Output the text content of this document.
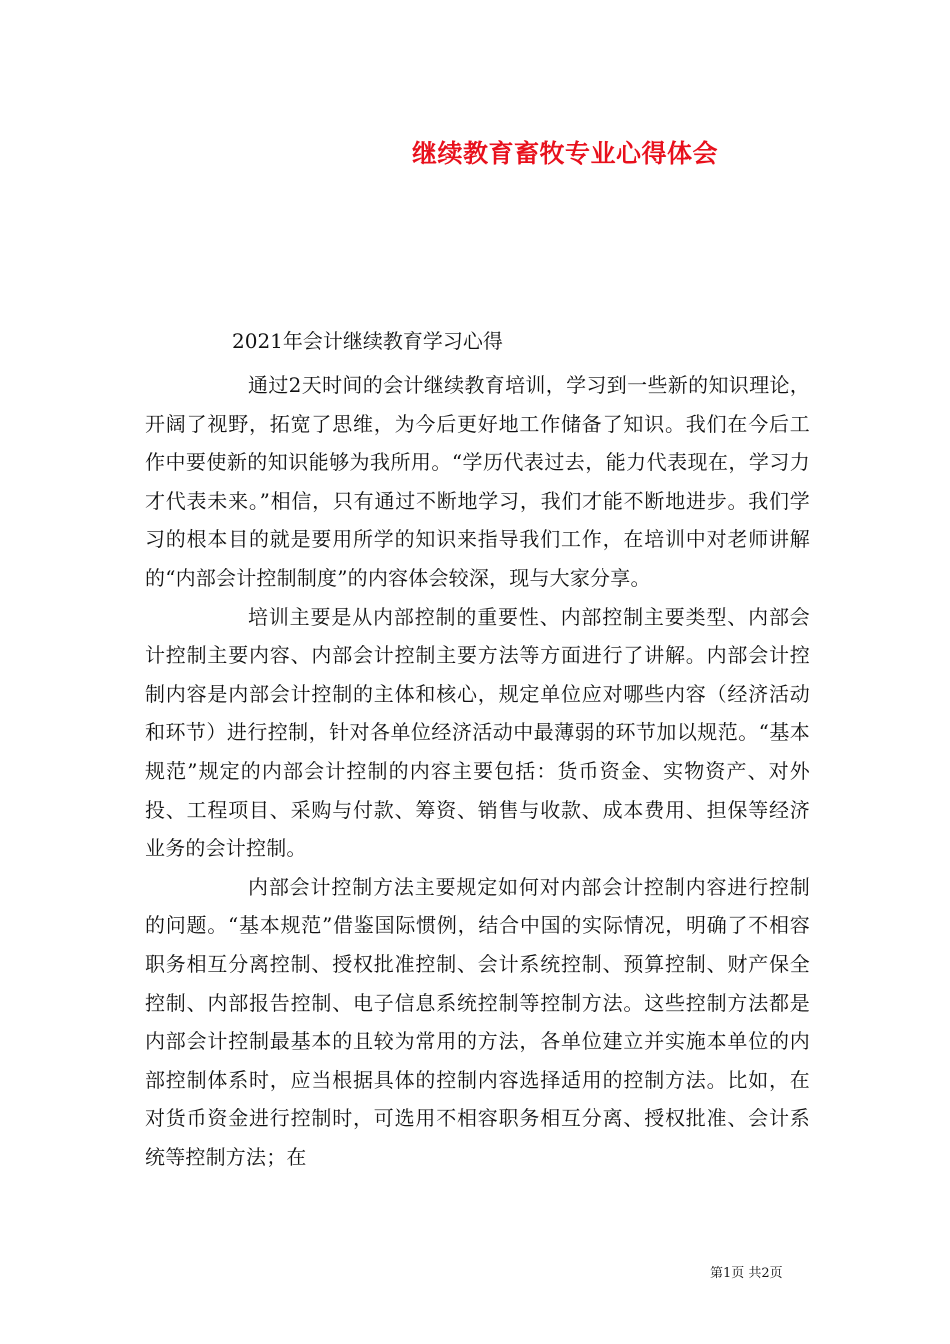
继续教育畜牧专业心得体会
2021年会计继续教育学习心得

通过2天时间的会计继续教育培训，学习到一些新的知识理论，开阔了视野，拓宽了思维，为今后更好地工作储备了知识。我们在今后工作中要使新的知识能够为我所用。“学历代表过去，能力代表现在，学习力才代表未来。”相信，只有通过不断地学习，我们才能不断地进步。我们学习的根本目的就是要用所学的知识来指导我们工作，在培训中对老师讲解的“内部会计控制制度”的内容体会较深，现与大家分享。

培训主要是从内部控制的重要性、内部控制主要类型、内部会计控制主要内容、内部会计控制主要方法等方面进行了讲解。内部会计控制内容是内部会计控制的主体和核心，规定单位应对哪些内容（经济活动和环节）进行控制，针对各单位经济活动中最薄弱的环节加以规范。“基本规范”规定的内部会计控制的内容主要包括：货币资金、实物资产、对外投、工程项目、采购与付款、筹资、销售与收款、成本费用、担保等经济业务的会计控制。

内部会计控制方法主要规定如何对内部会计控制内容进行控制的问题。“基本规范”借鉴国际惯例，结合中国的实际情况，明确了不相容职务相互分离控制、授权批准控制、会计系统控制、预算控制、财产保全控制、内部报告控制、电子信息系统控制等控制方法。这些控制方法都是内部会计控制最基本的且较为常用的方法，各单位建立并实施本单位的内部控制体系时，应当根据具体的控制内容选择适用的控制方法。比如，在对货币资金进行控制时，可选用不相容职务相互分离、授权批准、会计系统等控制方法；在

第1页 共2页
